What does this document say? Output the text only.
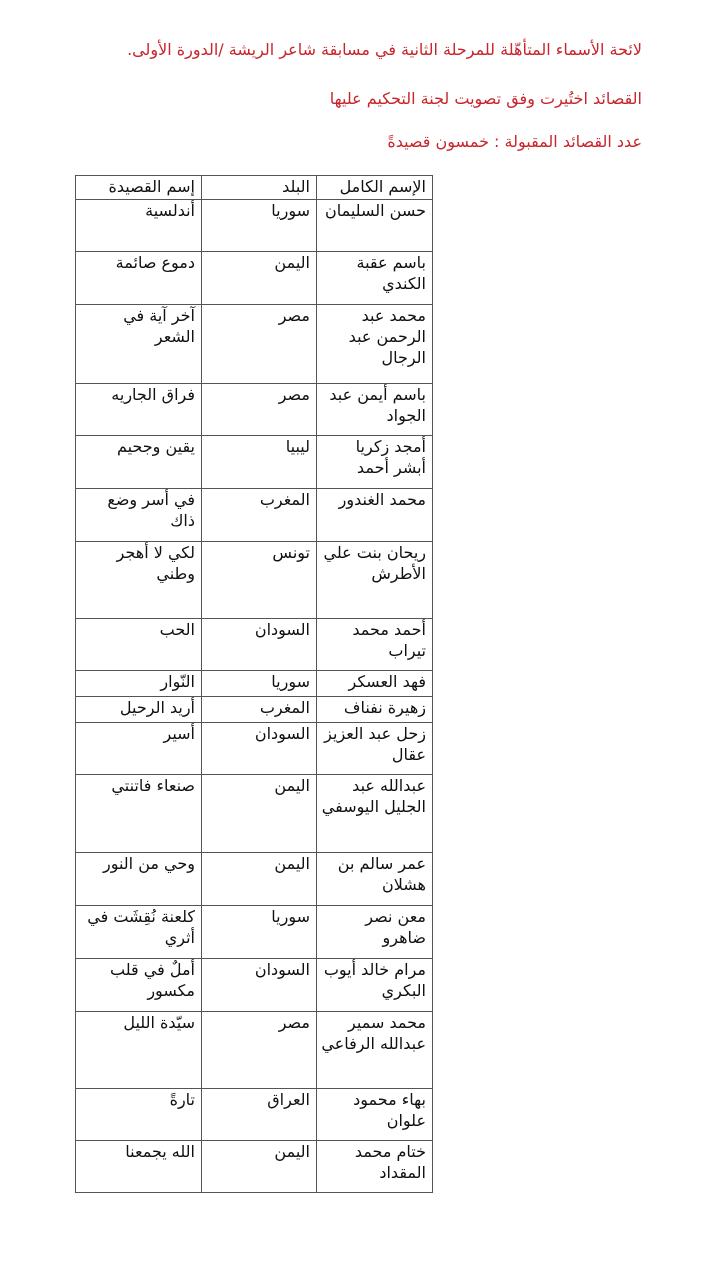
لائحة الأسماء المتأهّلة للمرحلة الثانية في مسابقة شاعر الريشة /الدورة الأولى.

القصائد اختُيرت وفق تصويت لجنة التحكيم عليها

عدد القصائد المقبولة : خمسون قصيدةً

الإسم الكامل	البلد	إسم القصيدة
حسن السليمان	سوريا	أندلسية
باسم عقبة الكندي	اليمن	دموع صائمة
محمد عبد الرحمن عبد الرجال	مصر	آخر آية في الشعر
باسم أيمن عبد الجواد	مصر	فراق الجاريه
أمجد زكريا أبشر أحمد	ليبيا	يقين وجحيم
محمد الغندور	المغرب	في أسر وضع ذاك
ريحان بنت علي الأطرش	تونس	لكي لا أهجر وطني
أحمد محمد تيراب	السودان	الحب
فهد العسكر	سوريا	النّوار
زهيرة نفناف	المغرب	أريد الرحيل
زحل عبد العزيز عقال	السودان	أسير
عبدالله عبد الجليل اليوسفي	اليمن	صنعاء فاتنتي
عمر سالم بن هشلان	اليمن	وحي من النور
معن نصر ضاهرو	سوريا	كلعنة نُقِشَت في أثري
مرام خالد أيوب البكري	السودان	أملٌ في قلب مكسور
محمد سمير عبدالله الرفاعي	مصر	سيّدة الليل
بهاء محمود علوان	العراق	تارةً
ختام محمد المقداد	اليمن	الله يجمعنا
